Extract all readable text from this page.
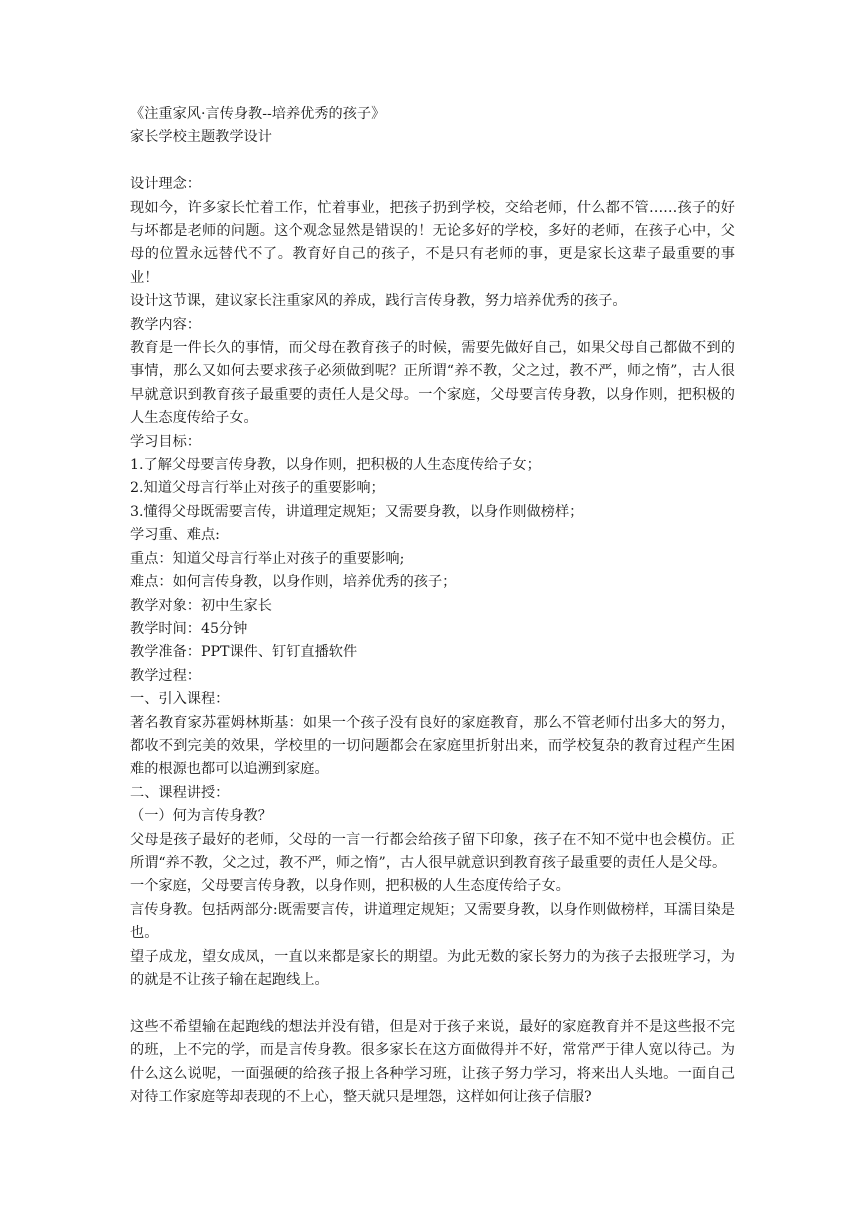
《注重家风·言传身教--培养优秀的孩子》
家长学校主题教学设计
设计理念：
现如今，许多家长忙着工作，忙着事业，把孩子扔到学校，交给老师，什么都不管……孩子的好与坏都是老师的问题。这个观念显然是错误的！无论多好的学校，多好的老师，在孩子心中，父母的位置永远替代不了。教育好自己的孩子，不是只有老师的事，更是家长这辈子最重要的事业！
设计这节课，建议家长注重家风的养成，践行言传身教，努力培养优秀的孩子。
教学内容：
教育是一件长久的事情，而父母在教育孩子的时候，需要先做好自己，如果父母自己都做不到的事情，那么又如何去要求孩子必须做到呢？正所谓“养不教，父之过，教不严，师之惰”，古人很早就意识到教育孩子最重要的责任人是父母。一个家庭，父母要言传身教，以身作则，把积极的人生态度传给子女。
学习目标：
1.了解父母要言传身教，以身作则，把积极的人生态度传给子女；
2.知道父母言行举止对孩子的重要影响；
3.懂得父母既需要言传，讲道理定规矩；又需要身教，以身作则做榜样；
学习重、难点:
重点：知道父母言行举止对孩子的重要影响;
难点：如何言传身教，以身作则，培养优秀的孩子；
教学对象：初中生家长
教学时间：45分钟
教学准备：PPT课件、钉钉直播软件
教学过程：
一、引入课程：
著名教育家苏霍姆林斯基：如果一个孩子没有良好的家庭教育，那么不管老师付出多大的努力，都收不到完美的效果，学校里的一切问题都会在家庭里折射出来，而学校复杂的教育过程产生困难的根源也都可以追溯到家庭。
二、课程讲授：
（一）何为言传身教？
父母是孩子最好的老师，父母的一言一行都会给孩子留下印象，孩子在不知不觉中也会模仿。正所谓“养不教，父之过，教不严，师之惰”，古人很早就意识到教育孩子最重要的责任人是父母。
一个家庭，父母要言传身教，以身作则，把积极的人生态度传给子女。
言传身教。包括两部分:既需要言传，讲道理定规矩；又需要身教，以身作则做榜样，耳濡目染是也。
望子成龙，望女成凤，一直以来都是家长的期望。为此无数的家长努力的为孩子去报班学习，为的就是不让孩子输在起跑线上。
这些不希望输在起跑线的想法并没有错，但是对于孩子来说，最好的家庭教育并不是这些报不完的班，上不完的学，而是言传身教。很多家长在这方面做得并不好，常常严于律人宽以待己。为什么这么说呢，一面强硬的给孩子报上各种学习班，让孩子努力学习，将来出人头地。一面自己对待工作家庭等却表现的不上心，整天就只是埋怨，这样如何让孩子信服?
